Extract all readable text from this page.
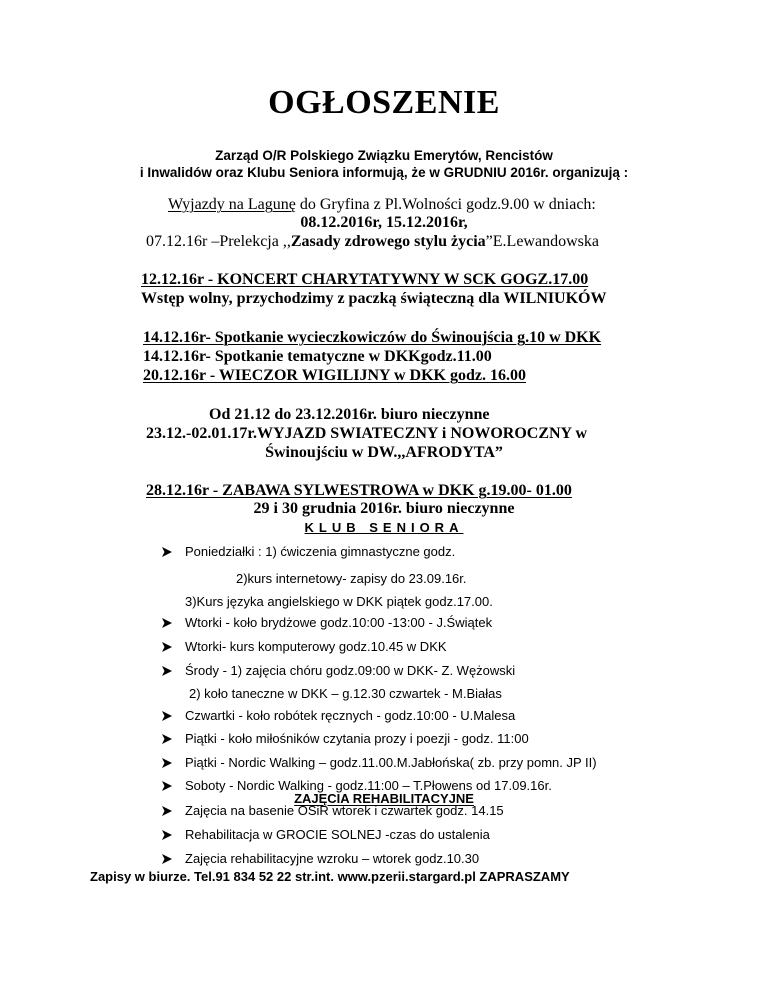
OGŁOSZENIE
Zarząd O/R Polskiego Związku Emerytów, Rencistów
i Inwalidów oraz Klubu Seniora informują, że w GRUDNIU 2016r. organizują :
Wyjazdy na Lagunę do Gryfina z Pl.Wolności godz.9.00 w dniach:
08.12.2016r, 15.12.2016r,
07.12.16r –Prelekcja ,,Zasady zdrowego stylu życia”E.Lewandowska
12.12.16r - KONCERT CHARYTATYWNY W SCK GOGZ.17.00
Wstęp wolny, przychodzimy z paczką świąteczną dla WILNIUKÓW
14.12.16r- Spotkanie wycieczkowiczów do Świnoujścia g.10 w DKK
14.12.16r- Spotkanie tematyczne w DKKgodz.11.00
20.12.16r - WIECZOR WIGILIJNY w DKK godz. 16.00
Od 21.12 do 23.12.2016r. biuro nieczynne
23.12.-02.01.17r.WYJAZD SWIATECZNY i NOWOROCZNY w
Świnoujściu w DW.,,AFRODYTA”
28.12.16r - ZABAWA SYLWESTROWA w DKK g.19.00- 01.00
29 i 30 grudnia 2016r. biuro nieczynne
KLUB SENIORA
Poniedziałki : 1) ćwiczenia gimnastyczne godz.
2)kurs internetowy- zapisy do 23.09.16r.
3)Kurs języka angielskiego w DKK piątek godz.17.00.
Wtorki - koło brydżowe godz.10:00 -13:00 - J.Świątek
Wtorki- kurs komputerowy godz.10.45 w DKK
Środy - 1) zajęcia chóru godz.09:00 w DKK- Z. Wężowski
2) koło taneczne w DKK – g.12.30 czwartek - M.Białas
Czwartki - koło robótek ręcznych - godz.10:00 - U.Malesa
Piątki - koło miłośników czytania prozy i poezji - godz. 11:00
Piątki - Nordic Walking – godz.11.00.M.Jabłońska( zb. przy pomn. JP II)
Soboty - Nordic Walking - godz.11:00 – T.Płowens od 17.09.16r.
ZAJĘCIA REHABILITACYJNE
Zajęcia na basenie OSiR wtorek i czwartek godz. 14.15
Rehabilitacja w GROCIE SOLNEJ -czas do ustalenia
Zajęcia rehabilitacyjne wzroku – wtorek godz.10.30
Zapisy w biurze. Tel.91 834 52 22 str.int. www.pzerii.stargard.pl ZAPRASZAMY
